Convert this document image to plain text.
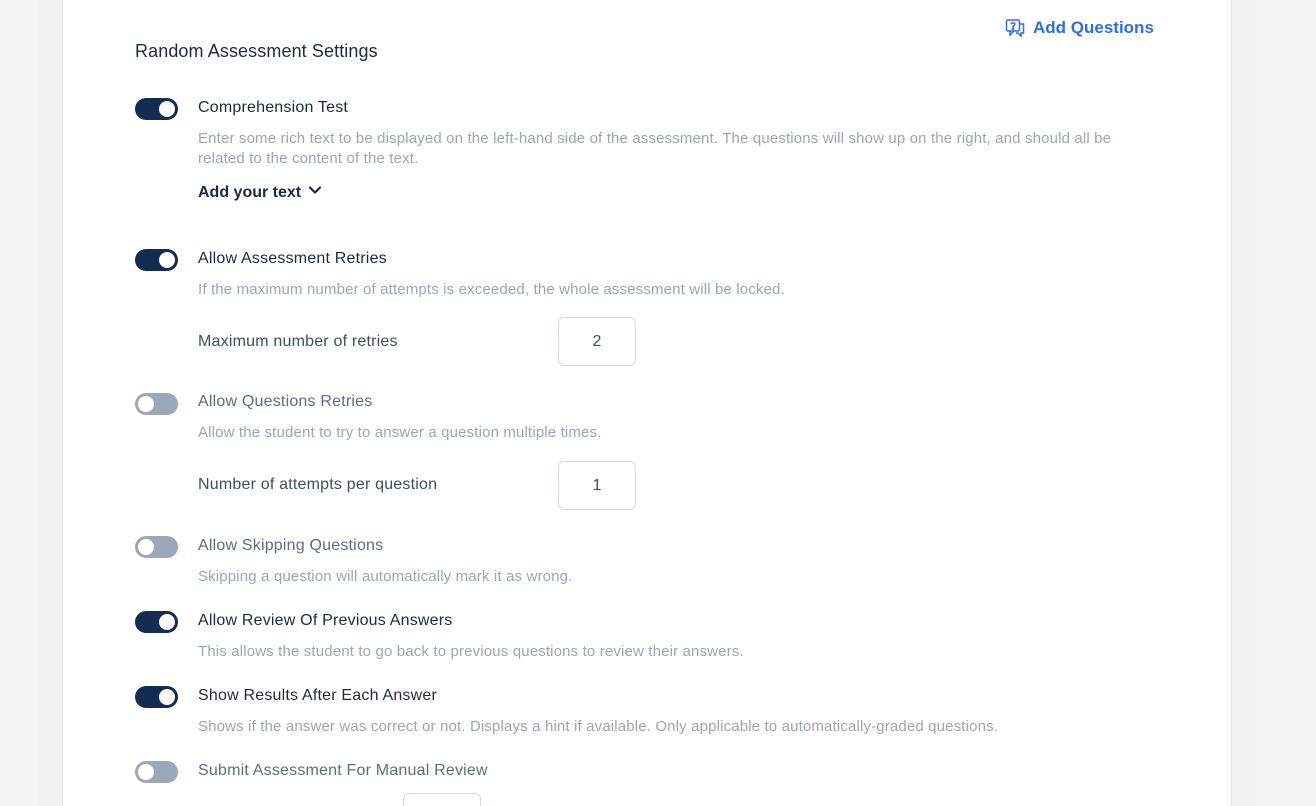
Random Assessment Settings
Add Questions
Comprehension Test
Enter some rich text to be displayed on the left-hand side of the assessment. The questions will show up on the right, and should all be related to the content of the text.
Add your text
Allow Assessment Retries
If the maximum number of attempts is exceeded, the whole assessment will be locked.
Maximum number of retries
2
Allow Questions Retries
Allow the student to try to answer a question multiple times.
Number of attempts per question
1
Allow Skipping Questions
Skipping a question will automatically mark it as wrong.
Allow Review Of Previous Answers
This allows the student to go back to previous questions to review their answers.
Show Results After Each Answer
Shows if the answer was correct or not. Displays a hint if available. Only applicable to automatically-graded questions.
Submit Assessment For Manual Review
